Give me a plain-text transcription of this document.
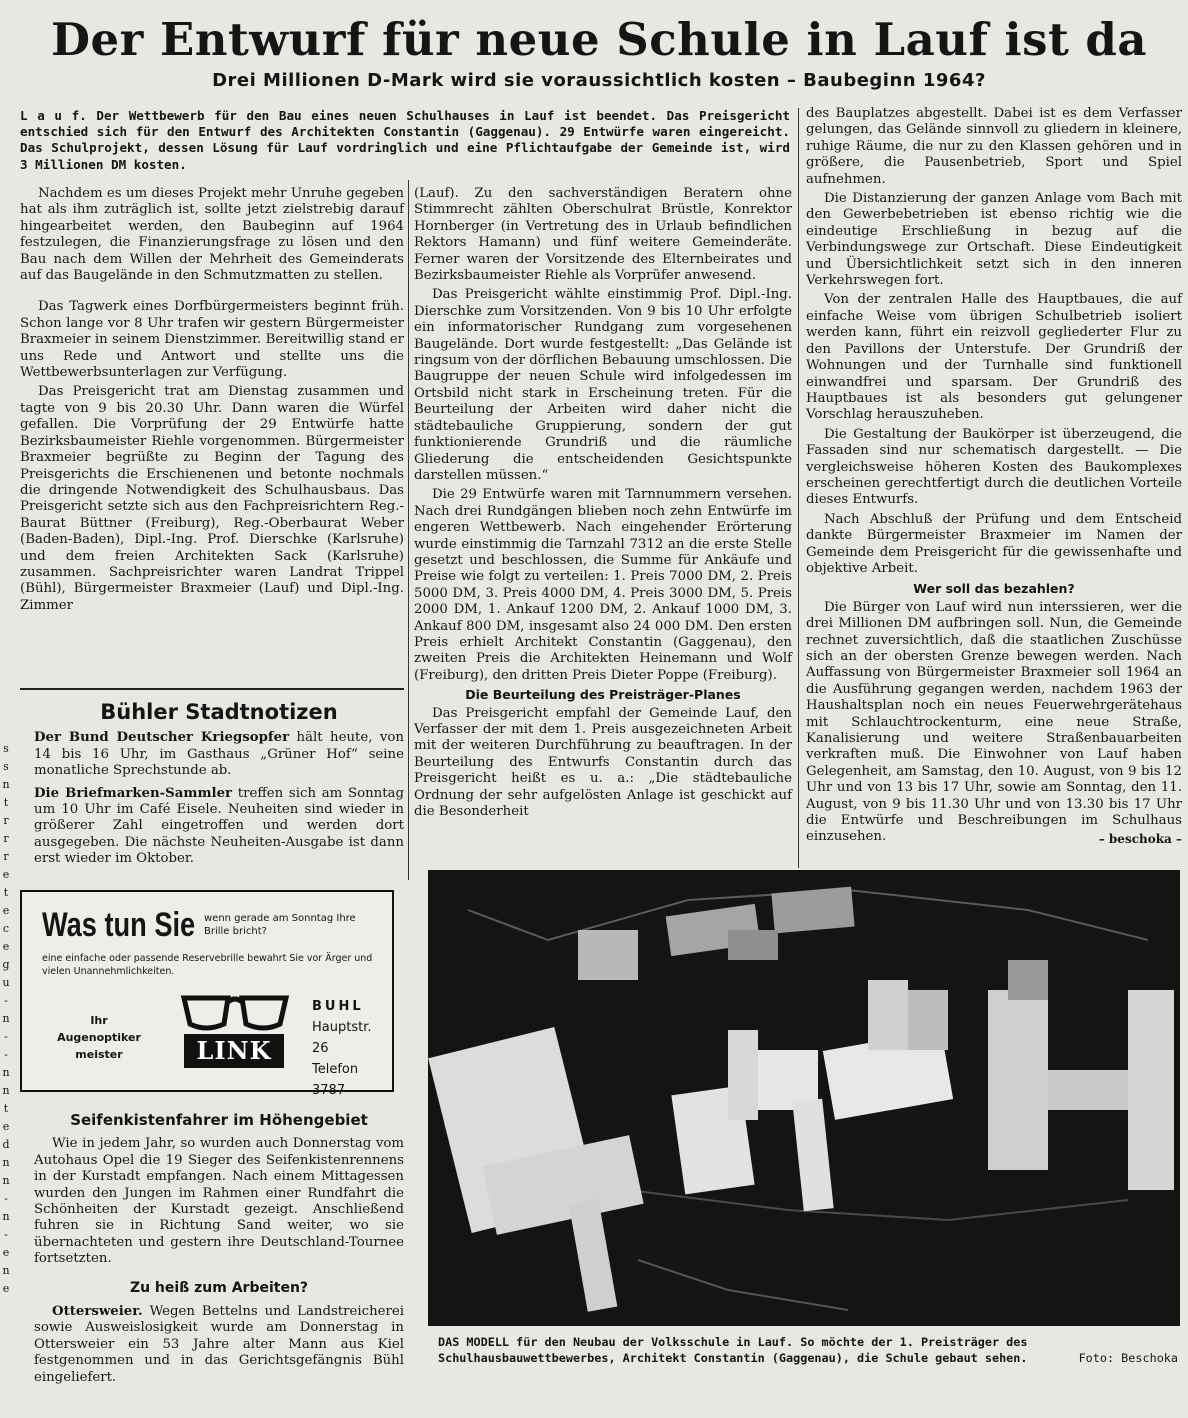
Der Entwurf für neue Schule in Lauf ist da
Drei Millionen D-Mark wird sie voraussichtlich kosten – Baubeginn 1964?
L a u f. Der Wettbewerb für den Bau eines neuen Schulhauses in Lauf ist beendet. Das Preisgericht entschied sich für den Entwurf des Architekten Constantin (Gaggenau). 29 Entwürfe waren eingereicht. Das Schulprojekt, dessen Lösung für Lauf vordringlich und eine Pflichtaufgabe der Gemeinde ist, wird 3 Millionen DM kosten.

Nachdem es um dieses Projekt mehr Unruhe gegeben hat als ihm zuträglich ist, sollte jetzt zielstrebig darauf hingearbeitet werden, den Baubeginn auf 1964 festzulegen, die Finanzierungsfrage zu lösen und den Bau nach dem Willen der Mehrheit des Gemeinderats auf das Baugelände in den Schmutzmatten zu stellen.

Das Tagwerk eines Dorfbürgermeisters beginnt früh. Schon lange vor 8 Uhr trafen wir gestern Bürgermeister Braxmeier in seinem Dienstzimmer. Bereitwillig stand er uns Rede und Antwort und stellte uns die Wettbewerbsunterlagen zur Verfügung.

Das Preisgericht trat am Dienstag zusammen und tagte von 9 bis 20.30 Uhr. Dann waren die Würfel gefallen. Die Vorprüfung der 29 Entwürfe hatte Bezirksbaumeister Riehle vorgenommen. Bürgermeister Braxmeier begrüßte zu Beginn der Tagung des Preisgerichts die Erschienenen und betonte nochmals die dringende Notwendigkeit des Schulhausbaus. Das Preisgericht setzte sich aus den Fachpreisrichtern Reg.-Baurat Büttner (Freiburg), Reg.-Oberbaurat Weber (Baden-Baden), Dipl.-Ing. Prof. Dierschke (Karlsruhe) und dem freien Architekten Sack (Karlsruhe) zusammen. Sachpreisrichter waren Landrat Trippel (Bühl), Bürgermeister Braxmeier (Lauf) und Dipl.-Ing. Zimmer

(Lauf). Zu den sachverständigen Beratern ohne Stimmrecht zählten Oberschulrat Brüstle, Konrektor Hornberger (in Vertretung des in Urlaub befindlichen Rektors Hamann) und fünf weitere Gemeinderäte. Ferner waren der Vorsitzende des Elternbeirates und Bezirksbaumeister Riehle als Vorprüfer anwesend.

Das Preisgericht wählte einstimmig Prof. Dipl.-Ing. Dierschke zum Vorsitzenden. Von 9 bis 10 Uhr erfolgte ein informatorischer Rundgang zum vorgesehenen Baugelände. Dort wurde festgestellt: „Das Gelände ist ringsum von der dörflichen Bebauung umschlossen. Die Baugruppe der neuen Schule wird infolgedessen im Ortsbild nicht stark in Erscheinung treten. Für die Beurteilung der Arbeiten wird daher nicht die städtebauliche Gruppierung, sondern der gut funktionierende Grundriß und die räumliche Gliederung die entscheidenden Gesichtspunkte darstellen müssen.“

Die 29 Entwürfe waren mit Tarnnummern versehen. Nach drei Rundgängen blieben noch zehn Entwürfe im engeren Wettbewerb. Nach eingehender Erörterung wurde einstimmig die Tarnzahl 7312 an die erste Stelle gesetzt und beschlossen, die Summe für Ankäufe und Preise wie folgt zu verteilen: 1. Preis 7000 DM, 2. Preis 5000 DM, 3. Preis 4000 DM, 4. Preis 3000 DM, 5. Preis 2000 DM, 1. Ankauf 1200 DM, 2. Ankauf 1000 DM, 3. Ankauf 800 DM, insgesamt also 24 000 DM. Den ersten Preis erhielt Architekt Constantin (Gaggenau), den zweiten Preis die Architekten Heinemann und Wolf (Freiburg), den dritten Preis Dieter Poppe (Freiburg).

Die Beurteilung des Preisträger-Planes

Das Preisgericht empfahl der Gemeinde Lauf, den Verfasser der mit dem 1. Preis ausgezeichneten Arbeit mit der weiteren Durchführung zu beauftragen. In der Beurteilung des Entwurfs Constantin durch das Preisgericht heißt es u. a.: „Die städtebauliche Ordnung der sehr aufgelösten Anlage ist geschickt auf die Besonderheit

des Bauplatzes abgestellt. Dabei ist es dem Verfasser gelungen, das Gelände sinnvoll zu gliedern in kleinere, ruhige Räume, die nur zu den Klassen gehören und in größere, die Pausenbetrieb, Sport und Spiel aufnehmen.

Die Distanzierung der ganzen Anlage vom Bach mit den Gewerbebetrieben ist ebenso richtig wie die eindeutige Erschließung in bezug auf die Verbindungswege zur Ortschaft. Diese Eindeutigkeit und Übersichtlichkeit setzt sich in den inneren Verkehrswegen fort.

Von der zentralen Halle des Hauptbaues, die auf einfache Weise vom übrigen Schulbetrieb isoliert werden kann, führt ein reizvoll gegliederter Flur zu den Pavillons der Unterstufe. Der Grundriß der Wohnungen und der Turnhalle sind funktionell einwandfrei und sparsam. Der Grundriß des Hauptbaues ist als besonders gut gelungener Vorschlag herauszuheben.

Die Gestaltung der Baukörper ist überzeugend, die Fassaden sind nur schematisch dargestellt. — Die vergleichsweise höheren Kosten des Baukomplexes erscheinen gerechtfertigt durch die deutlichen Vorteile dieses Entwurfs.

Nach Abschluß der Prüfung und dem Entscheid dankte Bürgermeister Braxmeier im Namen der Gemeinde dem Preisgericht für die gewissenhafte und objektive Arbeit.

Wer soll das bezahlen?

Die Bürger von Lauf wird nun interssieren, wer die drei Millionen DM aufbringen soll. Nun, die Gemeinde rechnet zuversichtlich, daß die staatlichen Zuschüsse sich an der obersten Grenze bewegen werden. Nach Auffassung von Bürgermeister Braxmeier soll 1964 an die Ausführung gegangen werden, nachdem 1963 der Haushaltsplan noch ein neues Feuerwehrgerätehaus mit Schlauchtrockenturm, eine neue Straße, Kanalisierung und weitere Straßenbauarbeiten verkraften muß. Die Einwohner von Lauf haben Gelegenheit, am Samstag, den 10. August, von 9 bis 12 Uhr und von 13 bis 17 Uhr, sowie am Sonntag, den 11. August, von 9 bis 11.30 Uhr und von 13.30 bis 17 Uhr die Entwürfe und Beschreibungen im Schulhaus einzusehen.	– beschoka –
Bühler Stadtnotizen

Der Bund Deutscher Kriegsopfer hält heute, von 14 bis 16 Uhr, im Gasthaus „Grüner Hof“ seine monatliche Sprechstunde ab.

Die Briefmarken-Sammler treffen sich am Sonntag um 10 Uhr im Café Eisele. Neuheiten sind wieder in größerer Zahl eingetroffen und werden dort ausgegeben. Die nächste Neuheiten-Ausgabe ist dann erst wieder im Oktober.

Was tun Sie wenn gerade am Sonntag Ihre Brille bricht?
eine einfache oder passende Reservebrille bewahrt Sie vor Ärger und vielen Unannehmlichkeiten.
Ihr
Augenoptiker
meister	LINK
BUHL
Hauptstr. 26
Telefon 3787
Seifenkistenfahrer im Höhengebiet

Wie in jedem Jahr, so wurden auch Donnerstag vom Autohaus Opel die 19 Sieger des Seifenkistenrennens in der Kurstadt empfangen. Nach einem Mittagessen wurden den Jungen im Rahmen einer Rundfahrt die Schönheiten der Kurstadt gezeigt. Anschließend fuhren sie in Richtung Sand weiter, wo sie übernachteten und gestern ihre Deutschland-Tournee fortsetzten.

Zu heiß zum Arbeiten?

Ottersweier. Wegen Bettelns und Landstreicherei sowie Ausweislosigkeit wurde am Donnerstag in Ottersweier ein 53 Jahre alter Mann aus Kiel festgenommen und in das Gerichtsgefängnis Bühl eingeliefert.

DAS MODELL für den Neubau der Volksschule in Lauf. So möchte der 1. Preisträger des Schulhausbauwettbewerbes, Architekt Constantin (Gaggenau), die Schule gebaut sehen.	Foto: Beschoka
s
s
n
t
r
r
r
e
t
e
c
e
g
u
-
n
-
-
n
n
t
e
d
n
n
-
n
-
e
n
e
